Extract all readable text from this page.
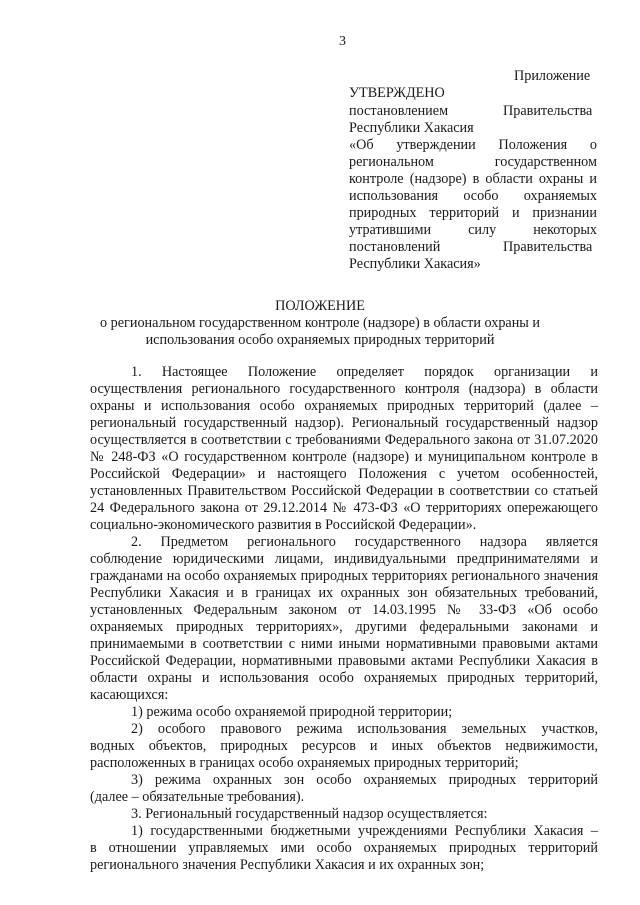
3
Приложение
УТВЕРЖДЕНО
постановлением	Правительства
Республики Хакасия
«Об утверждении Положения о
региональном государственном
контроле (надзоре) в области охраны и
использования особо охраняемых
природных территорий и признании
утратившими силу некоторых
постановлений	Правительства
Республики Хакасия»
ПОЛОЖЕНИЕ
о региональном государственном контроле (надзоре) в области охраны и
использования особо охраняемых природных территорий
1. Настоящее Положение определяет порядок организации и
осуществления регионального государственного контроля (надзора) в области
охраны и использования особо охраняемых природных территорий (далее –
региональный государственный надзор). Региональный государственный надзор
осуществляется в соответствии с требованиями Федерального закона от 31.07.2020
№ 248-ФЗ «О государственном контроле (надзоре) и муниципальном контроле в
Российской Федерации» и настоящего Положения с учетом особенностей,
установленных Правительством Российской Федерации в соответствии со статьей
24 Федерального закона от 29.12.2014 № 473-ФЗ «О территориях опережающего
социально-экономического развития в Российской Федерации».
2. Предметом регионального государственного надзора является
соблюдение юридическими лицами, индивидуальными предпринимателями и
гражданами на особо охраняемых природных территориях регионального значения
Республики Хакасия и в границах их охранных зон обязательных требований,
установленных Федеральным законом от 14.03.1995 № 33-ФЗ «Об особо
охраняемых природных территориях», другими федеральными законами и
принимаемыми в соответствии с ними иными нормативными правовыми актами
Российской Федерации, нормативными правовыми актами Республики Хакасия в
области охраны и использования особо охраняемых природных территорий,
касающихся:
1) режима особо охраняемой природной территории;
2) особого правового режима использования земельных участков,
водных объектов, природных ресурсов и иных объектов недвижимости,
расположенных в границах особо охраняемых природных территорий;
3) режима охранных зон особо охраняемых природных территорий
(далее – обязательные требования).
3. Региональный государственный надзор осуществляется:
1) государственными бюджетными учреждениями Республики Хакасия –
в отношении управляемых ими особо охраняемых природных территорий
регионального значения Республики Хакасия и их охранных зон;
